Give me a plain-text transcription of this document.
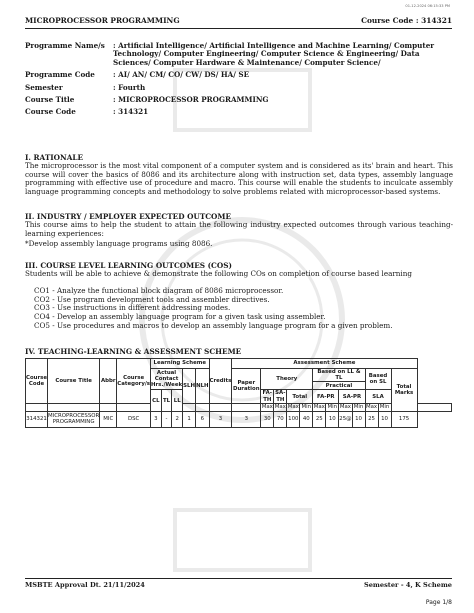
01-12-2024 06:15:33 PM
MICROPROCESSOR PROGRAMMING	Course Code : 314321
Programme Name/s	: Artificial Intelligence/ Artificial Intelligence and Machine Learning/ Computer Technology/ Computer Engineering/ Computer Science & Engineering/ Data Sciences/ Computer Hardware & Maintenance/ Computer Science/
Programme Code	: AI/ AN/ CM/ CO/ CW/ DS/ HA/ SE
Semester	: Fourth
Course Title	: MICROPROCESSOR PROGRAMMING
Course Code	: 314321
I. RATIONALE
The microprocessor is the most vital component of a computer system and is considered as its' brain and heart. This course will cover the basics of 8086 and its architecture along with instruction set, data types, assembly language programming with effective use of procedure and macro. This course will enable the students to inculcate assembly language programming concepts and methodology to solve problems related with microprocessor-based systems.
II. INDUSTRY / EMPLOYER EXPECTED OUTCOME
This course aims to help the student to attain the following industry expected outcomes through various teaching-learning experiences:
*Develop assembly language programs using 8086.
III. COURSE LEVEL LEARNING OUTCOMES (COS)
Students will be able to achieve & demonstrate the following COs on completion of course based learning
CO1 - Analyze the functional block diagram of 8086 microprocessor.
CO2 - Use program development tools and assembler directives.
CO3 - Use instructions in different addressing modes.
CO4 - Develop an assembly language program for a given task using assembler.
CO5 - Use procedures and macros to develop an assembly language program for a given problem.
IV. TEACHING-LEARNING & ASSESSMENT SCHEME
Course Code	Course Title	Abbr	Course Category/s	Learning Scheme					Credits	Assessment Scheme												
				Actual Contact Hrs./Week			SLH	NLH		Paper Duration	Theory				Based on LL & TL				Based on SL		Total Marks	
															Practical							
				CL	TL	LL					FA-TH	SA-TH	Total		FA-PR		SA-PR		SLA			
											Max	Max	Max	Min	Max	Min	Max	Min	Max	Min		
314321	MICROPROCESSOR PROGRAMMING	MIC	DSC	3	-	2	1	6	3	3	30	70	100	40	25	10	25@	10	25	10	175	
MSBTE Approval Dt. 21/11/2024	Semester - 4, K Scheme
Page 1/8
